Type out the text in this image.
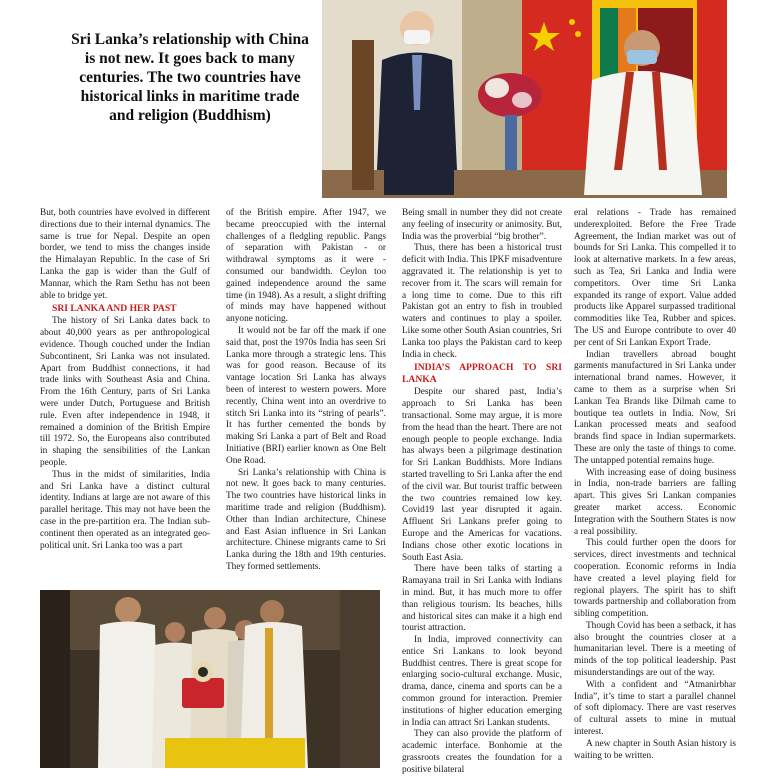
Sri Lanka’s relationship with China is not new. It goes back to many centuries. The two countries have historical links in maritime trade and religion (Buddhism)

But, both countries have evolved in different directions due to their internal dynamics. The same is true for Nepal. Despite an open border, we tend to miss the changes inside the Himalayan Republic. In the case of Sri Lanka the gap is wider than the Gulf of Mannar, which the Ram Sethu has not been able to bridge yet.

SRI LANKA AND HER PAST

The history of Sri Lanka dates back to about 40,000 years as per anthropological evidence. Though couched under the Indian Subcontinent, Sri Lanka was not insulated. Apart from Buddhist connections, it had trade links with Southeast Asia and China. From the 16th Century, parts of Sri Lanka were under Dutch, Portuguese and British rule. Even after independence in 1948, it remained a dominion of the British Empire till 1972. So, the Europeans also contributed in shaping the sensibilities of the Lankan people.

Thus in the midst of similarities, India and Sri Lanka have a distinct cultural identity. Indians at large are not aware of this parallel heritage. This may not have been the case in the pre-partition era. The Indian sub-continent then operated as an integrated geo-political unit. Sri Lanka too was a part

of the British empire. After 1947, we became preoccupied with the internal challenges of a fledgling republic. Pangs of separation with Pakistan - or withdrawal symptoms as it were - consumed our bandwidth. Ceylon too gained independence around the same time (in 1948). As a result, a slight drifting of minds may have happened without anyone noticing.

It would not be far off the mark if one said that, post the 1970s India has seen Sri Lanka more through a strategic lens. This was for good reason. Because of its vantage location Sri Lanka has always been of interest to western powers. More recently, China went into an overdrive to stitch Sri Lanka into its “string of pearls”. It has further cemented the bonds by making Sri Lanka a part of Belt and Road Initiative (BRI) earlier known as One Belt One Road.

Sri Lanka’s relationship with China is not new. It goes back to many centuries. The two countries have historical links in maritime trade and religion (Buddhism). Other than Indian architecture, Chinese and East Asian influence in Sri Lankan architecture. Chinese migrants came to Sri Lanka during the 18th and 19th centuries. They formed settlements.

Being small in number they did not create any feeling of insecurity or animosity. But, India was the proverbial “big brother”.

Thus, there has been a historical trust deficit with India. This IPKF misadventure aggravated it. The relationship is yet to recover from it. The scars will remain for a long time to come. Due to this rift Pakistan got an entry to fish in troubled waters and continues to play a spoiler. Like some other South Asian countries, Sri Lanka too plays the Pakistan card to keep India in check.

INDIA’S APPROACH TO SRI LANKA

Despite our shared past, India’s approach to Sri Lanka has been transactional. Some may argue, it is more from the head than the heart. There are not enough people to people exchange. India has always been a pilgrimage destination for Sri Lankan Buddhists. More Indians started travelling to Sri Lanka after the end of the civil war. But tourist traffic between the two countries remained low key. Covid19 last year disrupted it again. Affluent Sri Lankans prefer going to Europe and the Americas for vacations. Indians chose other exotic locations in South East Asia.

There have been talks of starting a Ramayana trail in Sri Lanka with Indians in mind. But, it has much more to offer than religious tourism. Its beaches, hills and historical sites can make it a high end tourist attraction.

In India, improved connectivity can entice Sri Lankans to look beyond Buddhist centres. There is great scope for enlarging socio-cultural exchange. Music, drama, dance, cinema and sports can be a common ground for interaction. Premier institutions of higher education emerging in India can attract Sri Lankan students.

They can also provide the platform of academic interface. Bonhomie at the grassroots creates the foundation for a positive bilateral

eral relations - Trade has remained underexploited. Before the Free Trade Agreement, the Indian market was out of bounds for Sri Lanka. This compelled it to look at alternative markets. In a few areas, such as Tea, Sri Lanka and India were competitors. Over time Sri Lanka expanded its range of export. Value added products like Apparel surpassed traditional commodities like Tea, Rubber and spices. The US and Europe contribute to over 40 per cent of Sri Lankan Export Trade.

Indian travellers abroad bought garments manufactured in Sri Lanka under international brand names. However, it came to them as a surprise when Sri Lankan Tea Brands like Dilmah came to boutique tea outlets in India. Now, Sri Lankan processed meats and seafood brands find space in Indian supermarkets. These are only the taste of things to come. The untapped potential remains huge.

With increasing ease of doing business in India, non-trade barriers are falling apart. This gives Sri Lankan companies greater market access. Economic Integration with the Southern States is now a real possibility.

This could further open the doors for services, direct investments and technical cooperation. Economic reforms in India have created a level playing field for regional players. The spirit has to shift towards partnership and collaboration from sibling competition.

Though Covid has been a setback, it has also brought the countries closer at a humanitarian level. There is a meeting of minds of the top political leadership. Past misunderstandings are out of the way.

With a confident and “Atmanirbhar India”, it’s time to start a parallel channel of soft diplomacy. There are vast reserves of cultural assets to mine in mutual interest.

A new chapter in South Asian history is waiting to be written.
